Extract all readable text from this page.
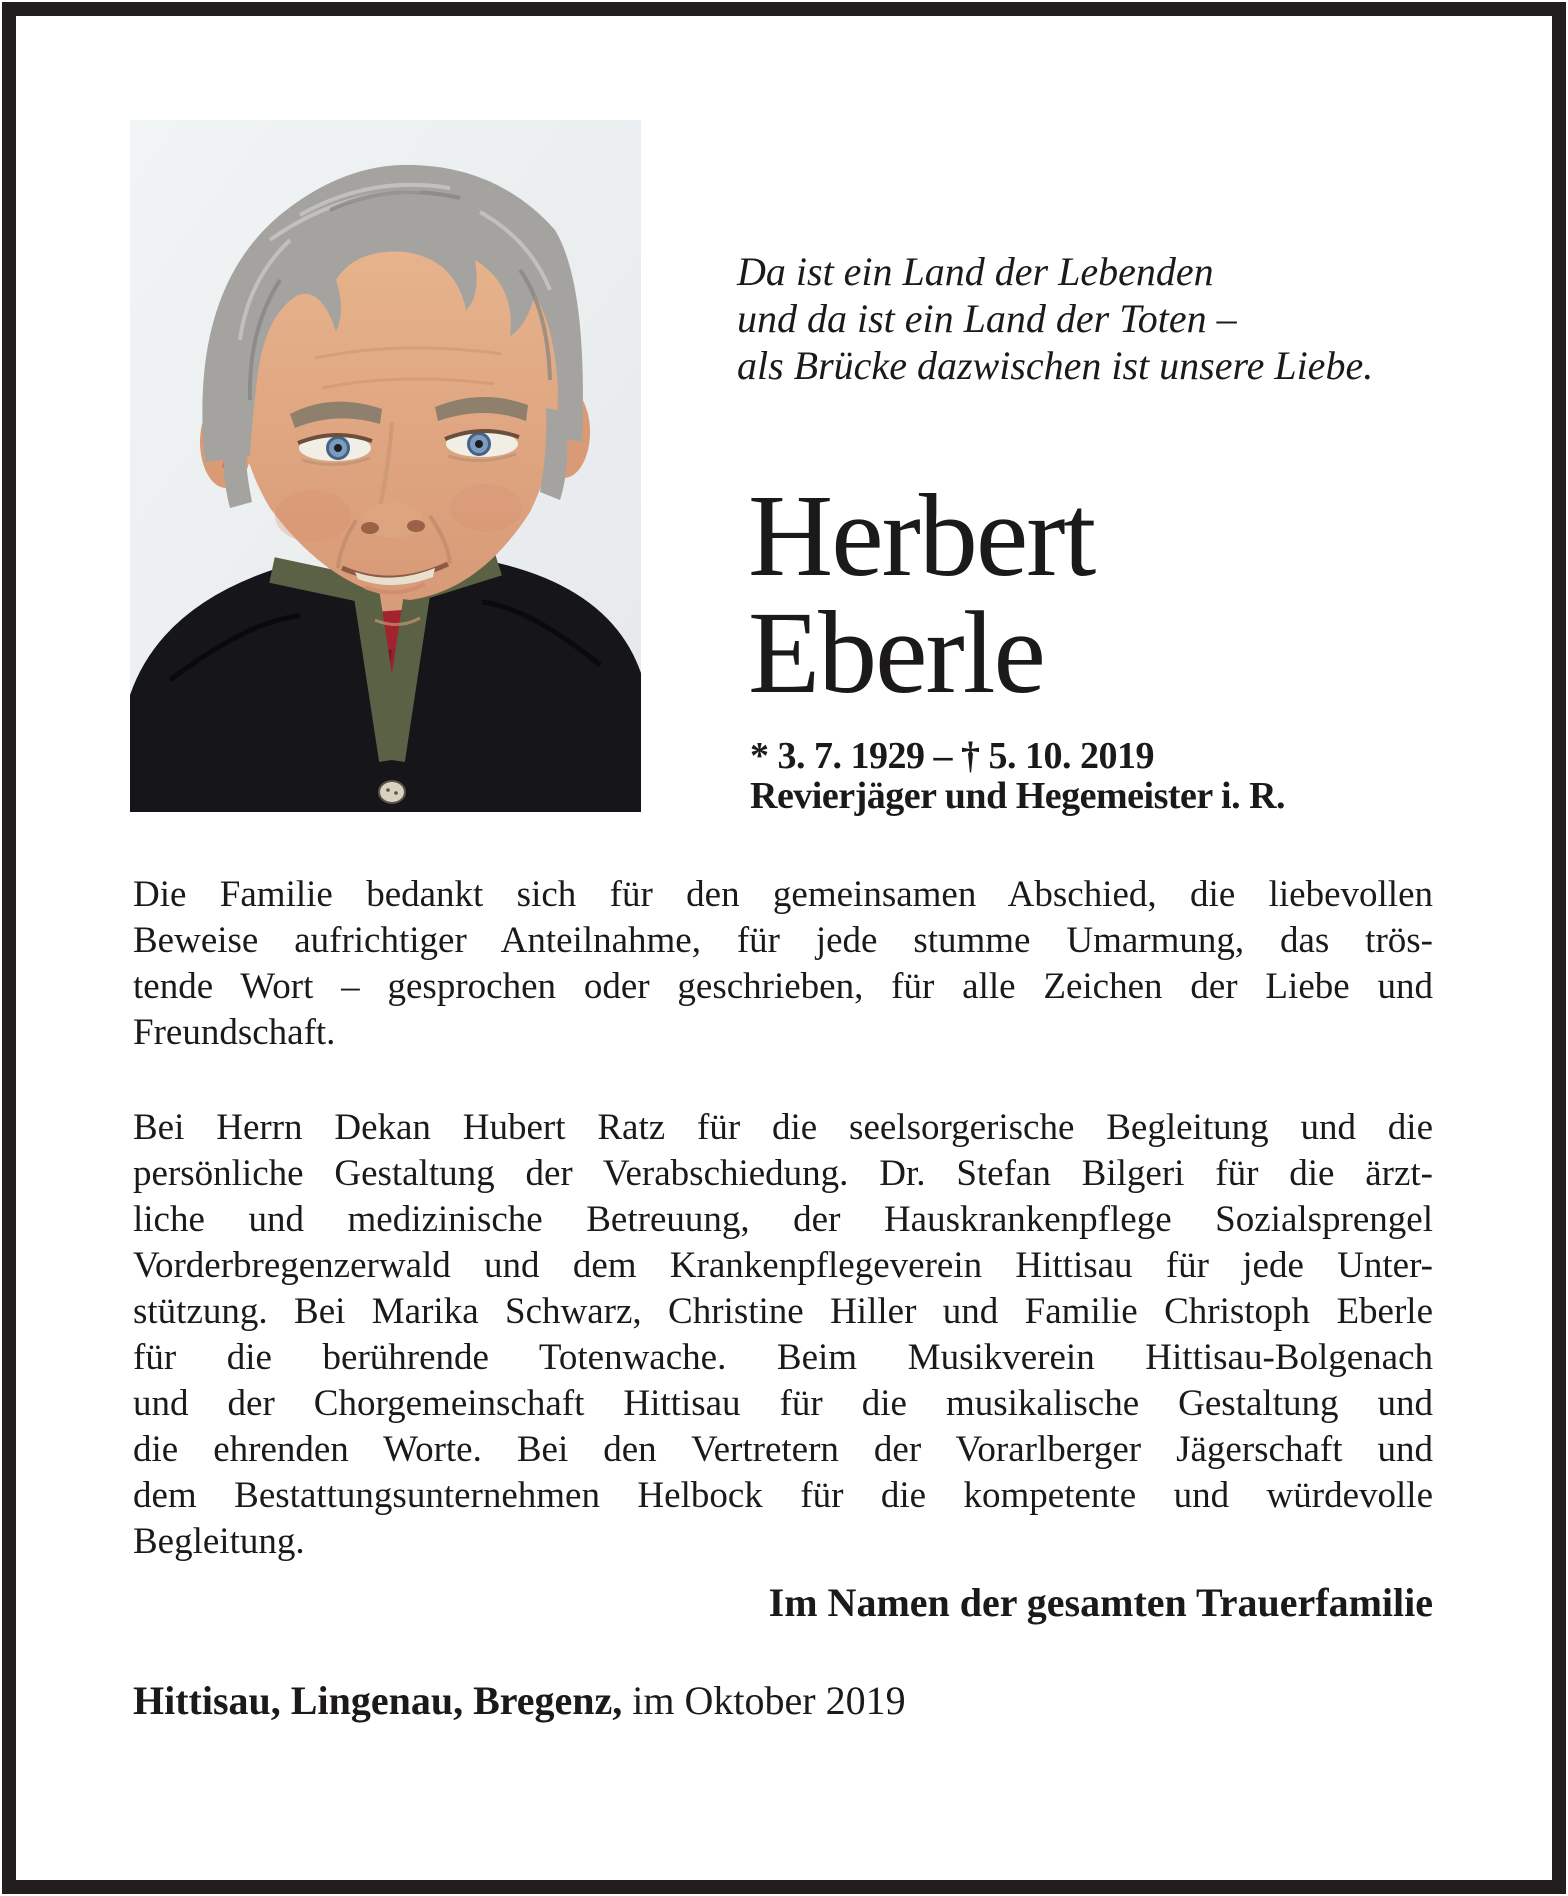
Da ist ein Land der Lebenden
und da ist ein Land der Toten –
als Brücke dazwischen ist unsere Liebe.
Herbert
Eberle
* 3. 7. 1929 – † 5. 10. 2019
Revierjäger und Hegemeister i. R.
Die Familie bedankt sich für den gemeinsamen Abschied, die liebevollen
Beweise aufrichtiger Anteilnahme, für jede stumme Umarmung, das trös-
tende Wort – gesprochen oder geschrieben, für alle Zeichen der Liebe und
Freundschaft.
Bei Herrn Dekan Hubert Ratz für die seelsorgerische Begleitung und die
persönliche Gestaltung der Verabschiedung. Dr. Stefan Bilgeri für die ärzt-
liche und medizinische Betreuung, der Hauskrankenpflege Sozialsprengel
Vorderbregenzerwald und dem Krankenpflegeverein Hittisau für jede Unter-
stützung. Bei Marika Schwarz, Christine Hiller und Familie Christoph Eberle
für die berührende Totenwache. Beim Musikverein Hittisau-Bolgenach
und der Chorgemeinschaft Hittisau für die musikalische Gestaltung und
die ehrenden Worte. Bei den Vertretern der Vorarlberger Jägerschaft und
dem Bestattungsunternehmen Helbock für die kompetente und würdevolle
Begleitung.
Im Namen der gesamten Trauerfamilie
Hittisau, Lingenau, Bregenz, im Oktober 2019
